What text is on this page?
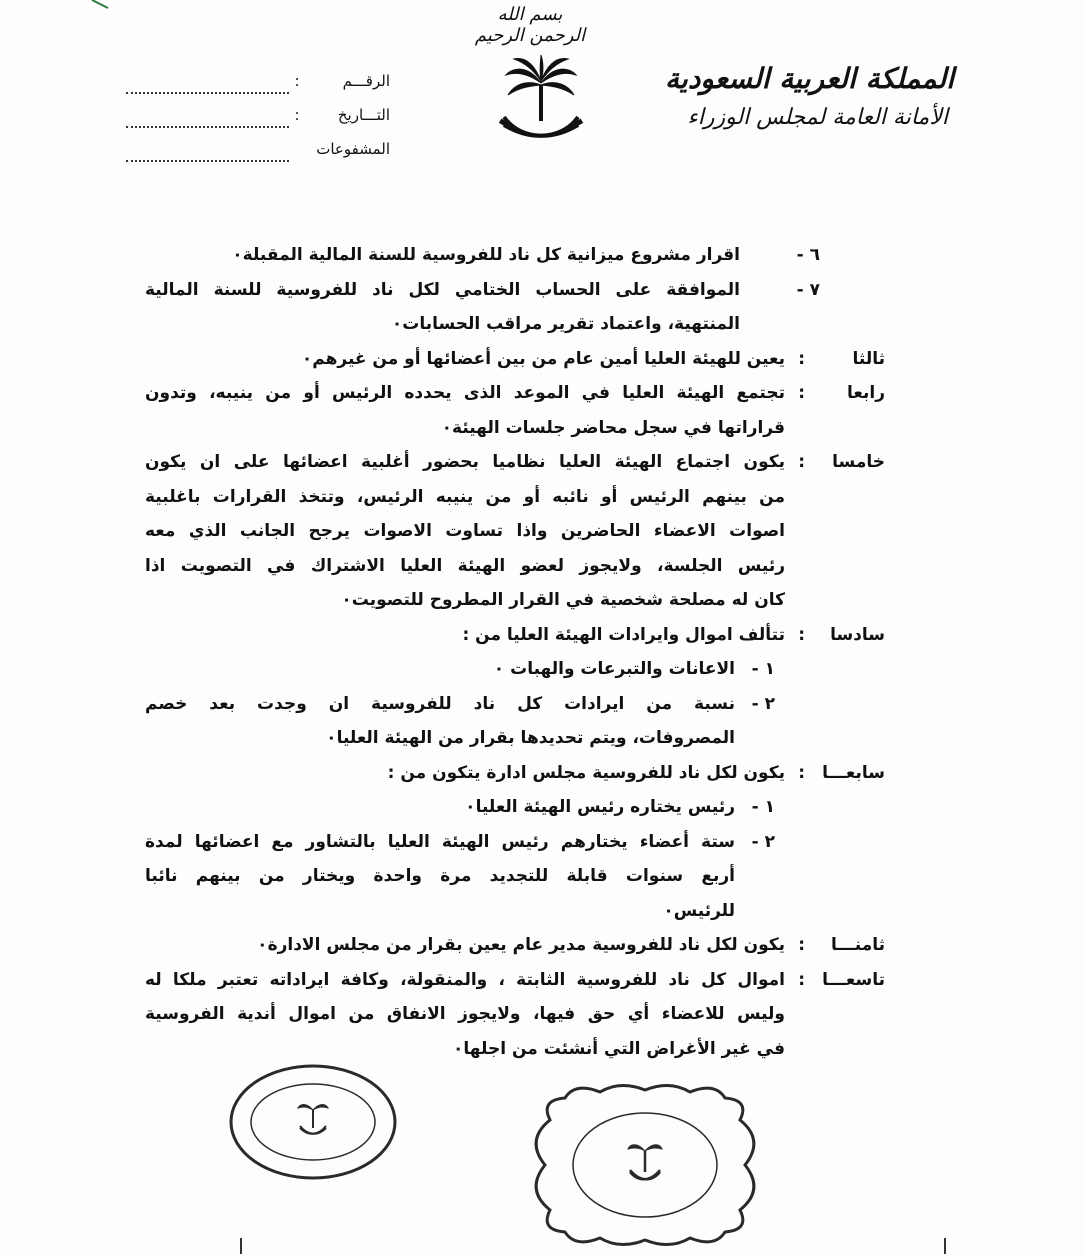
بسم الله الرحمن الرحيم
المملكة العربية السعودية
الأمانة العامة لمجلس الوزراء
الرقـــم
:
التـــاريخ
:
المشفوعات
٦ -
اقرار مشروع ميزانية كل ناد للفروسية للسنة المالية المقبلة٠
٧ -
الموافقة على الحساب الختامي لكل ناد للفروسية للسنة المالية
المنتهية، واعتماد تقرير مراقب الحسابات٠
ثالثا
:
يعين للهيئة العليا أمين عام من بين أعضائها أو من غيرهم٠
رابعا
:
تجتمع الهيئة العليا في الموعد الذى يحدده الرئيس أو من ينيبه، وتدون
قراراتها في سجل محاضر جلسات الهيئة٠
خامسا
:
يكون اجتماع الهيئة العليا نظاميا بحضور أغلبية اعضائها على ان يكون
من بينهم الرئيس أو نائبه أو من ينيبه الرئيس، وتتخذ القرارات باغلبية
اصوات الاعضاء الحاضرين واذا تساوت الاصوات يرجح الجانب الذي معه
رئيس الجلسة، ولايجوز لعضو الهيئة العليا الاشتراك في التصويت اذا
كان له مصلحة شخصية في القرار المطروح للتصويت٠
سادسا
:
تتألف اموال وايرادات الهيئة العليا من :
١ -
الاعانات والتبرعات والهبات ٠
٢ -
نسبة من ايرادات كل ناد للفروسية ان وجدت بعد خصم
المصروفات، ويتم تحديدها بقرار من الهيئة العليا٠
سابعـــا
:
يكون لكل ناد للفروسية مجلس ادارة يتكون من :
١ -
رئيس يختاره رئيس الهيئة العليا٠
٢ -
ستة أعضاء يختارهم رئيس الهيئة العليا بالتشاور مع اعضائها لمدة
أربع سنوات قابلة للتجديد مرة واحدة ويختار من بينهم نائبا
للرئيس٠
ثامنـــا
:
يكون لكل ناد للفروسية مدير عام يعين بقرار من مجلس الادارة٠
تاسعـــا
:
اموال كل ناد للفروسية الثابتة ، والمنقولة، وكافة ايراداته تعتبر ملكا له
وليس للاعضاء أي حق فيها، ولايجوز الانفاق من اموال أندية الفروسية
في غير الأغراض التي أنشئت من اجلها٠
